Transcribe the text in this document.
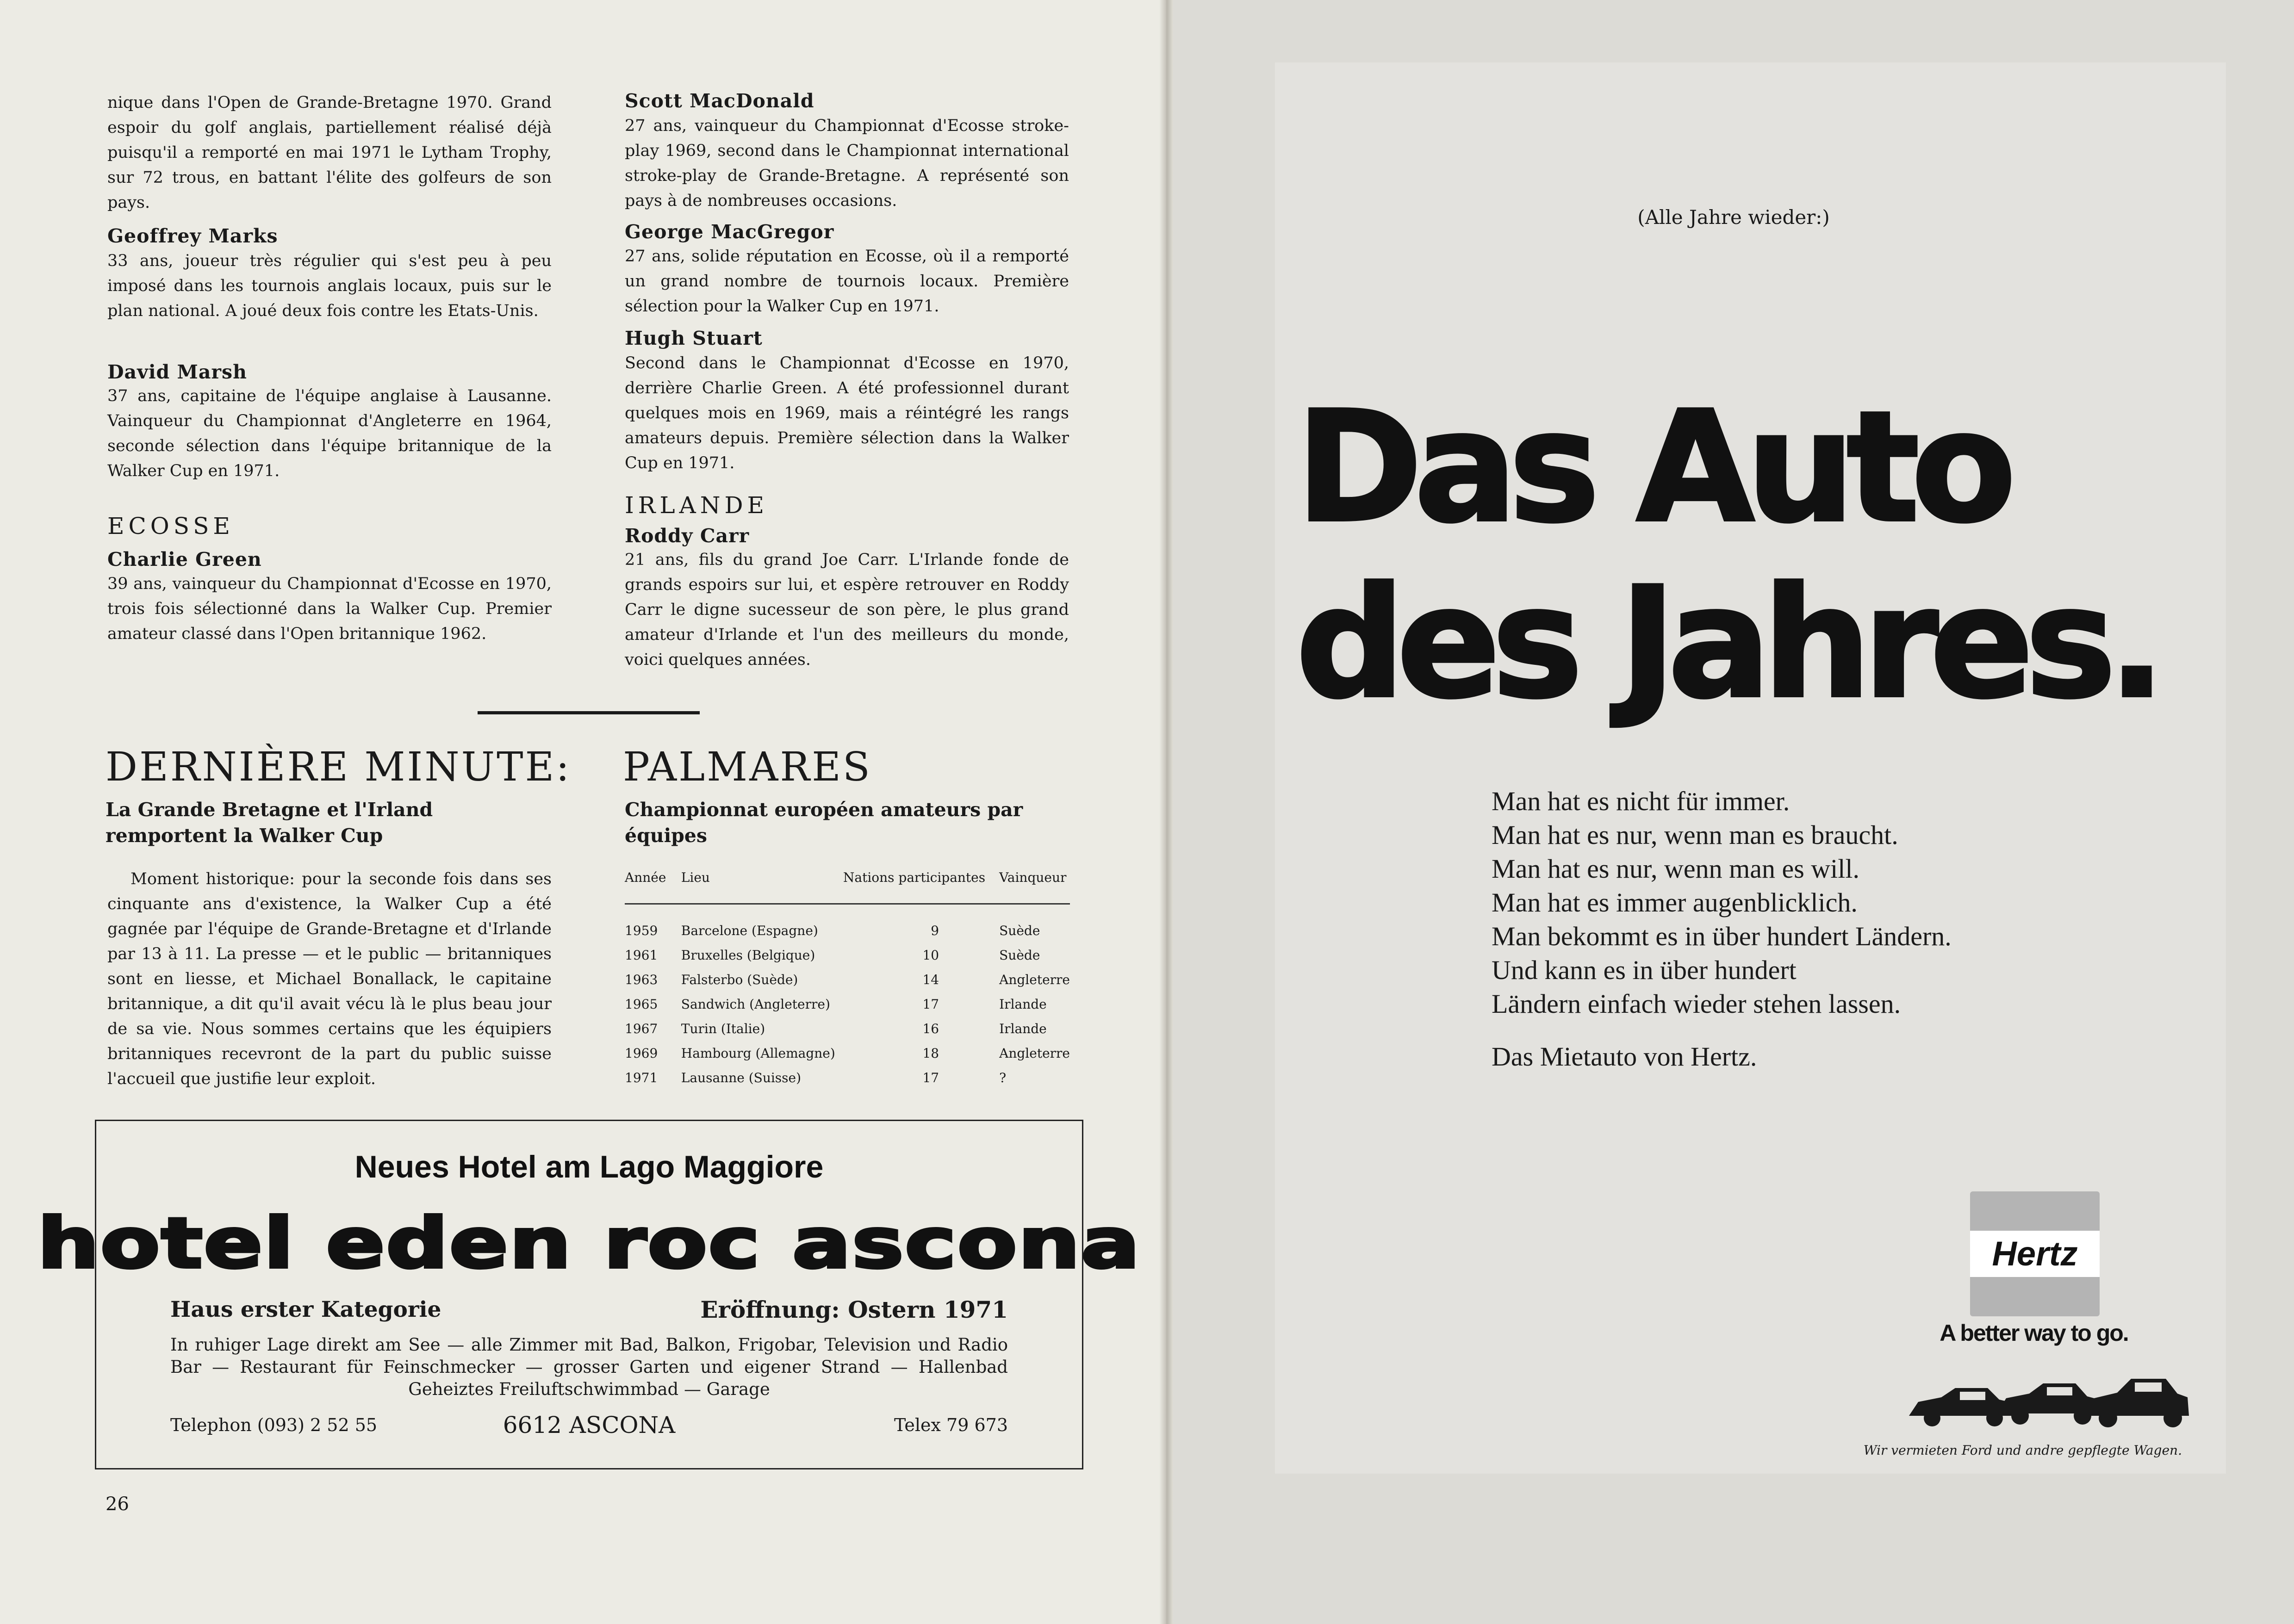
nique dans l'Open de Grande-Bretagne 1970. Grand espoir du golf anglais, partiellement réalisé déjà puisqu'il a remporté en mai 1971 le Lytham Trophy, sur 72 trous, en battant l'élite des golfeurs de son pays.
Geoffrey Marks
33 ans, joueur très régulier qui s'est peu à peu imposé dans les tournois anglais locaux, puis sur le plan national. A joué deux fois contre les Etats-Unis.
David Marsh
37 ans, capitaine de l'équipe anglaise à Lausanne. Vainqueur du Championnat d'Angleterre en 1964, seconde sélection dans l'équipe britannique de la Walker Cup en 1971.
ECOSSE
Charlie Green
39 ans, vainqueur du Championnat d'Ecosse en 1970, trois fois sélectionné dans la Walker Cup. Premier amateur classé dans l'Open britannique 1962.
Scott MacDonald
27 ans, vainqueur du Championnat d'Ecosse stroke-play 1969, second dans le Championnat international stroke-play de Grande-Bretagne. A représenté son pays à de nombreuses occasions.
George MacGregor
27 ans, solide réputation en Ecosse, où il a remporté un grand nombre de tournois locaux. Première sélection pour la Walker Cup en 1971.
Hugh Stuart
Second dans le Championnat d'Ecosse en 1970, derrière Charlie Green. A été professionnel durant quelques mois en 1969, mais a réintégré les rangs amateurs depuis. Première sélection dans la Walker Cup en 1971.
IRLANDE
Roddy Carr
21 ans, fils du grand Joe Carr. L'Irlande fonde de grands espoirs sur lui, et espère retrouver en Roddy Carr le digne sucesseur de son père, le plus grand amateur d'Irlande et l'un des meilleurs du monde, voici quelques années.
DERNIÈRE MINUTE:
La Grande Bretagne et l'Irland remportent la Walker Cup
Moment historique: pour la seconde fois dans ses cinquante ans d'existence, la Walker Cup a été gagnée par l'équipe de Grande-Bretagne et d'Irlande par 13 à 11. La presse — et le public — britanniques sont en liesse, et Michael Bonallack, le capitaine britannique, a dit qu'il avait vécu là le plus beau jour de sa vie. Nous sommes certains que les équipiers britanniques recevront de la part du public suisse l'accueil que justifie leur exploit.
PALMARES
Championnat européen amateurs par équipes
Année	Lieu	Nations participantes	Vainqueur
1959	Barcelone (Espagne)	9	Suède
1961	Bruxelles (Belgique)	10	Suède
1963	Falsterbo (Suède)	14	Angleterre
1965	Sandwich (Angleterre)	17	Irlande
1967	Turin (Italie)	16	Irlande
1969	Hambourg (Allemagne)	18	Angleterre
1971	Lausanne (Suisse)	17	?
Neues Hotel am Lago Maggiore
hotel eden roc ascona
Haus erster Kategorie	Eröffnung: Ostern 1971
In ruhiger Lage direkt am See — alle Zimmer mit Bad, Balkon, Frigobar, Television und Radio
Bar — Restaurant für Feinschmecker — grosser Garten und eigener Strand — Hallenbad
Geheiztes Freiluftschwimmbad — Garage
Telephon (093) 2 52 55	6612 ASCONA	Telex 79 673
26
(Alle Jahre wieder:)
Das Auto
des Jahres.
Man hat es nicht für immer.
Man hat es nur, wenn man es braucht.
Man hat es nur, wenn man es will.
Man hat es immer augenblicklich.
Man bekommt es in über hundert Ländern.
Und kann es in über hundert
Ländern einfach wieder stehen lassen.
Das Mietauto von Hertz.
Hertz
A better way to go.
Wir vermieten Ford und andre gepflegte Wagen.
